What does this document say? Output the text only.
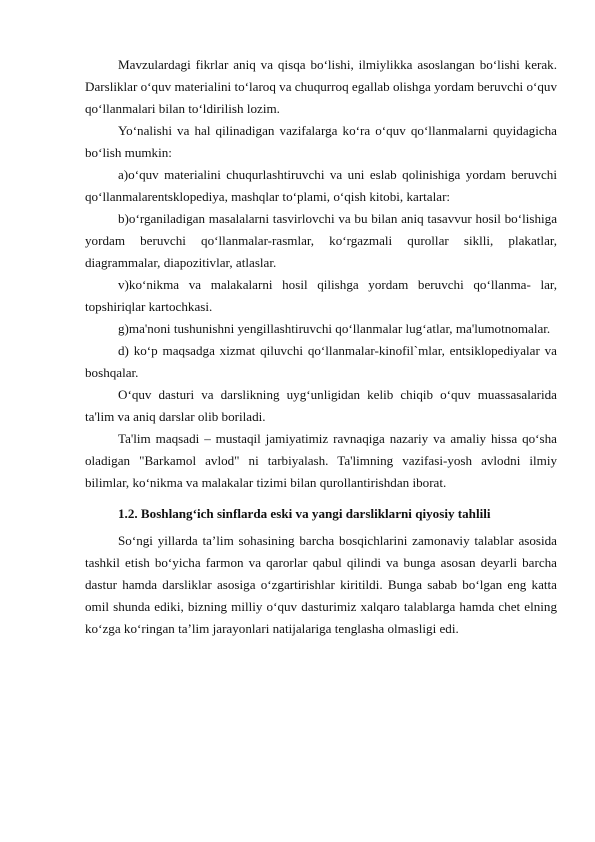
Mavzulardagi fikrlar aniq va qisqa bo‘lishi, ilmiylikka asoslangan bo‘lishi kerak. Darsliklar o‘quv materialini to‘laroq va chuqurroq egallab olishga yordam beruvchi o‘quv qo‘llanmalari bilan to‘ldirilish lozim.

Yo‘nalishi va hal qilinadigan vazifalarga ko‘ra o‘quv qo‘llanmalarni quyidagicha bo‘lish mumkin:

a)o‘quv materialini chuqurlashtiruvchi va uni eslab qolinishiga yordam beruvchi qo‘llanmalarentsklopediya, mashqlar to‘plami, o‘qish kitobi, kartalar:

b)o‘rganiladigan masalalarni tasvirlovchi va bu bilan aniq tasavvur hosil bo‘lishiga yordam beruvchi qo‘llanmalar-rasmlar, ko‘rgazmali qurollar siklli, plakatlar, diagrammalar, diapozitivlar, atlaslar.

v)ko‘nikma va malakalarni hosil qilishga yordam beruvchi qo‘llanma- lar, topshiriqlar kartochkasi.

g)ma'noni tushunishni yengillashtiruvchi qo‘llanmalar lug‘atlar, ma'lumotnomalar.

d) ko‘p maqsadga xizmat qiluvchi qo‘llanmalar-kinofil`mlar, entsiklopediyalar va boshqalar.

O‘quv dasturi va darslikning uyg‘unligidan kelib chiqib o‘quv muassasalarida ta'lim va aniq darslar olib boriladi.

Ta'lim maqsadi – mustaqil jamiyatimiz ravnaqiga nazariy va amaliy hissa qo‘sha oladigan "Barkamol avlod" ni tarbiyalash. Ta'limning vazifasi-yosh avlodni ilmiy bilimlar, ko‘nikma va malakalar tizimi bilan qurollantirishdan iborat.

1.2. Boshlang‘ich sinflarda eski va yangi darsliklarni qiyosiy tahlili

So‘ngi yillarda ta’lim sohasining barcha bosqichlarini zamonaviy talablar asosida tashkil etish bo‘yicha farmon va qarorlar qabul qilindi va bunga asosan deyarli barcha dastur hamda darsliklar asosiga o‘zgartirishlar kiritildi. Bunga sabab bo‘lgan eng katta omil shunda ediki, bizning milliy o‘quv dasturimiz xalqaro talablarga hamda chet elning ko‘zga ko‘ringan ta’lim jarayonlari natijalariga tenglasha olmasligi edi.
